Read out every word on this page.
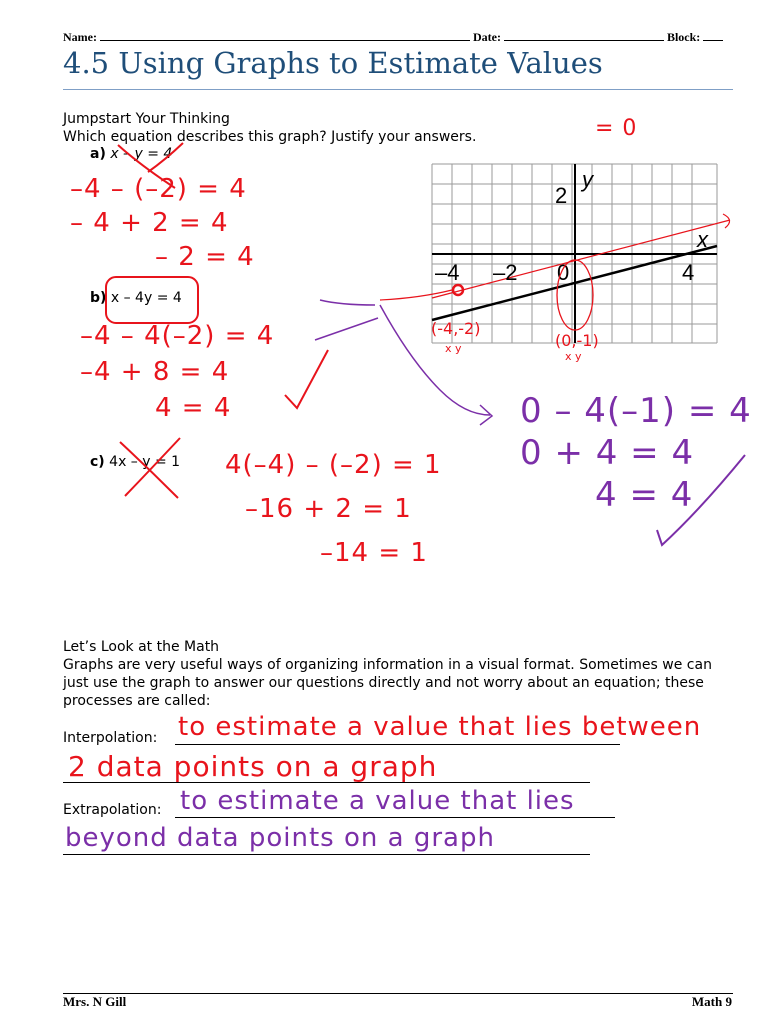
Name:	Date:	Block:
4.5 Using Graphs to Estimate Values
Jumpstart Your Thinking
Which equation describes this graph? Justify your answers.
a) x – y = 4
b) x – 4y = 4
c) 4x – y = 1
= 0
–4 – (–2) = 4
– 4 + 2 = 4
– 2 = 4
–4 – 4(–2) = 4
–4 + 8 = 4
4 = 4
4(–4) – (–2) = 1
–16 + 2 = 1
–14 = 1
0 – 4(–1) = 4
0 + 4 = 4
4 = 4
y
x
2
–4 –2 0	4
(-4,-2)
x y	(0,-1)
x y
Let’s Look at the Math
Graphs are very useful ways of organizing information in a visual format. Sometimes we can just use the graph to answer our questions directly and not worry about an equation; these processes are called:
Interpolation: to estimate a value that lies between
2 data points on a graph
Extrapolation: to estimate a value that lies
beyond data points on a graph
Mrs. N Gill	Math 9
